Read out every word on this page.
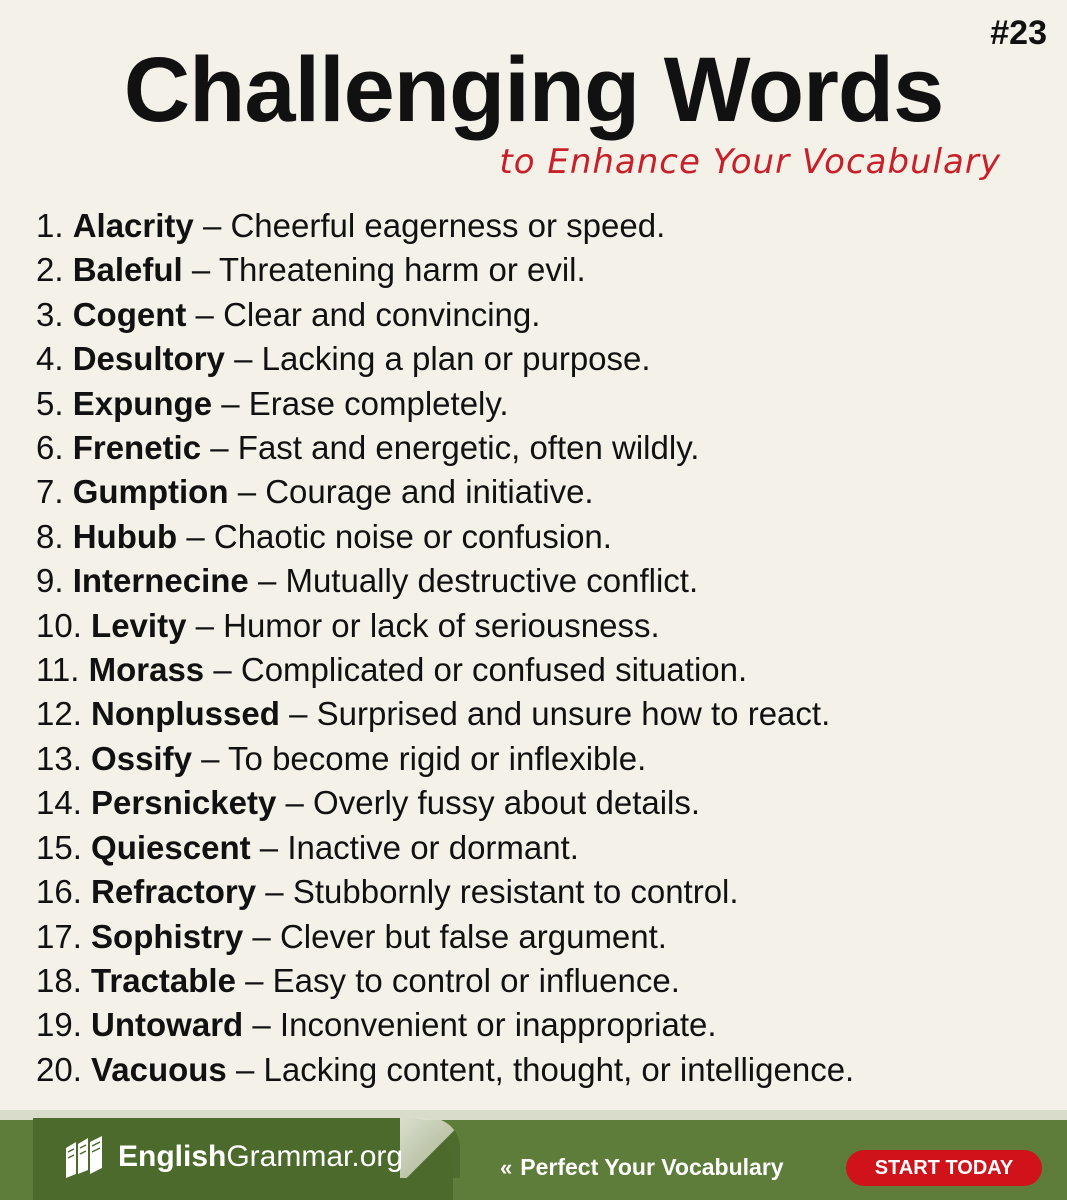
#23
Challenging Words
to Enhance Your Vocabulary
1. Alacrity – Cheerful eagerness or speed.
2. Baleful – Threatening harm or evil.
3. Cogent – Clear and convincing.
4. Desultory – Lacking a plan or purpose.
5. Expunge – Erase completely.
6. Frenetic – Fast and energetic, often wildly.
7. Gumption – Courage and initiative.
8. Hubub – Chaotic noise or confusion.
9. Internecine – Mutually destructive conflict.
10. Levity – Humor or lack of seriousness.
11. Morass – Complicated or confused situation.
12. Nonplussed – Surprised and unsure how to react.
13. Ossify – To become rigid or inflexible.
14. Persnickety – Overly fussy about details.
15. Quiescent – Inactive or dormant.
16. Refractory – Stubbornly resistant to control.
17. Sophistry – Clever but false argument.
18. Tractable – Easy to control or influence.
19. Untoward – Inconvenient or inappropriate.
20. Vacuous – Lacking content, thought, or intelligence.
English Grammar.org	« Perfect Your Vocabulary	START TODAY
